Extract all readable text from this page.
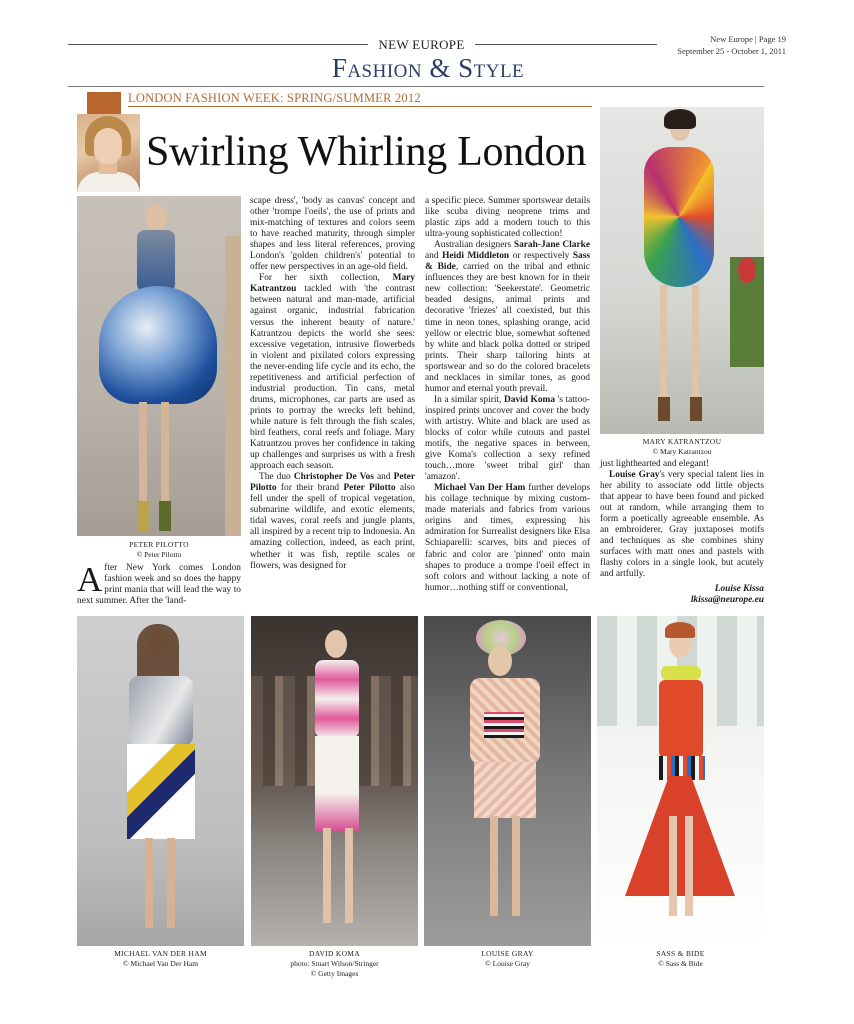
NEW EUROPE	New Europe | Page 19
September 25 - October 1, 2011
Fashion & Style
LONDON FASHION WEEK: SPRING/SUMMER 2012
Swirling Whirling London
PETER PILOTTO
© Peter Pilotto
MARY KATRANTZOU
© Mary Katrantzou

After New York comes London fashion week and so does the happy print mania that will lead the way to next summer. After the 'land-

scape dress', 'body as canvas' concept and other 'trompe l'oeils', the use of prints and mix-matching of textures and colors seem to have reached maturity, through simpler shapes and less literal references, proving London's 'golden children's' potential to offer new perspectives in an age-old field.

For her sixth collection, Mary Katrantzou tackled with 'the contrast between natural and man-made, artificial against organic, industrial fabrication versus the inherent beauty of nature.' Katrantzou depicts the world she sees: excessive vegetation, intrusive flowerbeds in violent and pixilated colors expressing the never-ending life cycle and its echo, the repetitiveness and artificial perfection of industrial production. Tin cans, metal drums, microphones, car parts are used as prints to portray the wrecks left behind, while nature is felt through the fish scales, bird feathers, coral reefs and foliage. Mary Katrantzou proves her confidence in taking up challenges and surprises us with a fresh approach each season.

The duo Christopher De Vos and Peter Pilotto for their brand Peter Pilotto also fell under the spell of tropical vegetation, submarine wildlife, and exotic elements, tidal waves, coral reefs and jungle plants, all inspired by a recent trip to Indonesia. An amazing collection, indeed, as each print, whether it was fish, reptile scales or flowers, was designed for

a specific piece. Summer sportswear details like scuba diving neoprene trims and plastic zips add a modern touch to this ultra-young sophisticated collection!

Australian designers Sarah-Jane Clarke and Heidi Middleton or respectively Sass & Bide, carried on the tribal and ethnic influences they are best known for in their new collection: 'Seekerstate'. Geometric beaded designs, animal prints and decorative 'friezes' all coexisted, but this time in neon tones, splashing orange, acid yellow or electric blue, somewhat softened by white and black polka dotted or striped prints. Their sharp tailoring hints at sportswear and so do the colored bracelets and necklaces in similar tones, as good humor and eternal youth prevail.

In a similar spirit, David Koma 's tattoo-inspired prints uncover and cover the body with artistry. White and black are used as blocks of color while cutouts and pastel motifs, the negative spaces in between, give Koma's collection a sexy refined touch…more 'sweet tribal girl' than 'amazon'.

Michael Van Der Ham further develops his collage technique by mixing custom-made materials and fabrics from various origins and times, expressing his admiration for Surrealist designers like Elsa Schiaparelli: scarves, bits and pieces of fabric and color are 'pinned' onto main shapes to produce a trompe l'oeil effect in soft colors and without lacking a note of humor…nothing stiff or conventional,

just lighthearted and elegant!

Louise Gray's very special talent lies in her ability to associate odd little objects that appear to have been found and picked out at random, while arranging them to form a poetically agreeable ensemble. As an embroiderer, Gray juxtaposes motifs and techniques as she combines shiny surfaces with matt ones and pastels with flashy colors in a single look, but acutely and artfully.

Louise Kissa
lkissa@neurope.eu
MICHAEL VAN DER HAM
© Michael Van Der Ham
DAVID KOMA
photo: Stuart Wilson/Stringer
© Getty Images
LOUISE GRAY
© Louise Gray
SASS & BIDE
© Sass & Bide
